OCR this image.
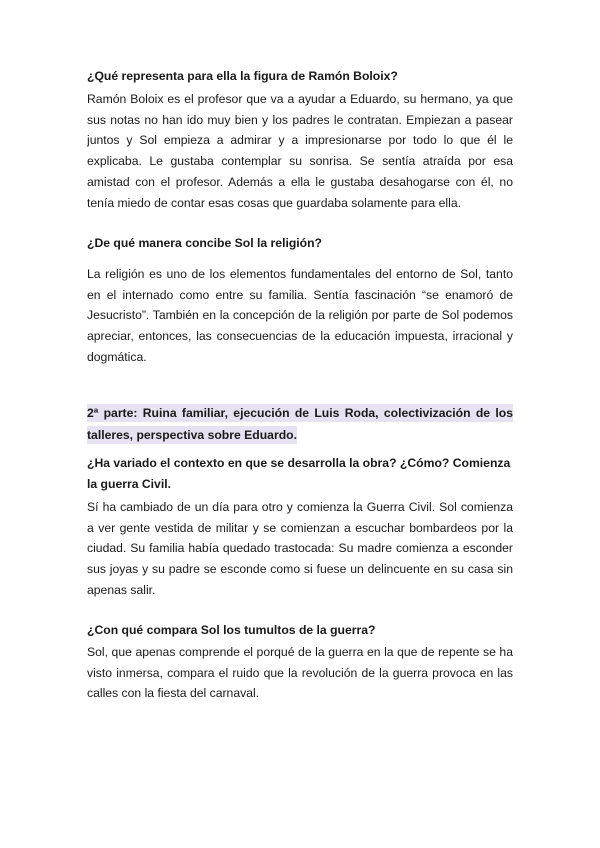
¿Qué representa para ella la figura de Ramón Boloix?

Ramón Boloix es el profesor que va a ayudar a Eduardo, su hermano, ya que sus notas no han ido muy bien y los padres le contratan. Empiezan a pasear juntos y Sol empieza a admirar y a impresionarse por todo lo que él le explicaba. Le gustaba contemplar su sonrisa. Se sentía atraída por esa amistad con el profesor. Además a ella le gustaba desahogarse con él, no tenía miedo de contar esas cosas que guardaba solamente para ella.

¿De qué manera concibe Sol la religión?

La religión es uno de los elementos fundamentales del entorno de Sol, tanto en el internado como entre su familia. Sentía fascinación “se enamoró de Jesucristo”. También en la concepción de la religión por parte de Sol podemos apreciar, entonces, las consecuencias de la educación impuesta, irracional y dogmática.

2ª parte: Ruina familiar, ejecución de Luis Roda, colectivización de los talleres, perspectiva sobre Eduardo.

¿Ha variado el contexto en que se desarrolla la obra? ¿Cómo? Comienza la guerra Civil.

Sí ha cambiado de un día para otro y comienza la Guerra Civil. Sol comienza a ver gente vestida de militar y se comienzan a escuchar bombardeos por la ciudad. Su familia había quedado trastocada: Su madre comienza a esconder sus joyas y su padre se esconde como si fuese un delincuente en su casa sin apenas salir.

¿Con qué compara Sol los tumultos de la guerra?

Sol, que apenas comprende el porqué de la guerra en la que de repente se ha visto inmersa, compara el ruido que la revolución de la guerra provoca en las calles con la fiesta del carnaval.
